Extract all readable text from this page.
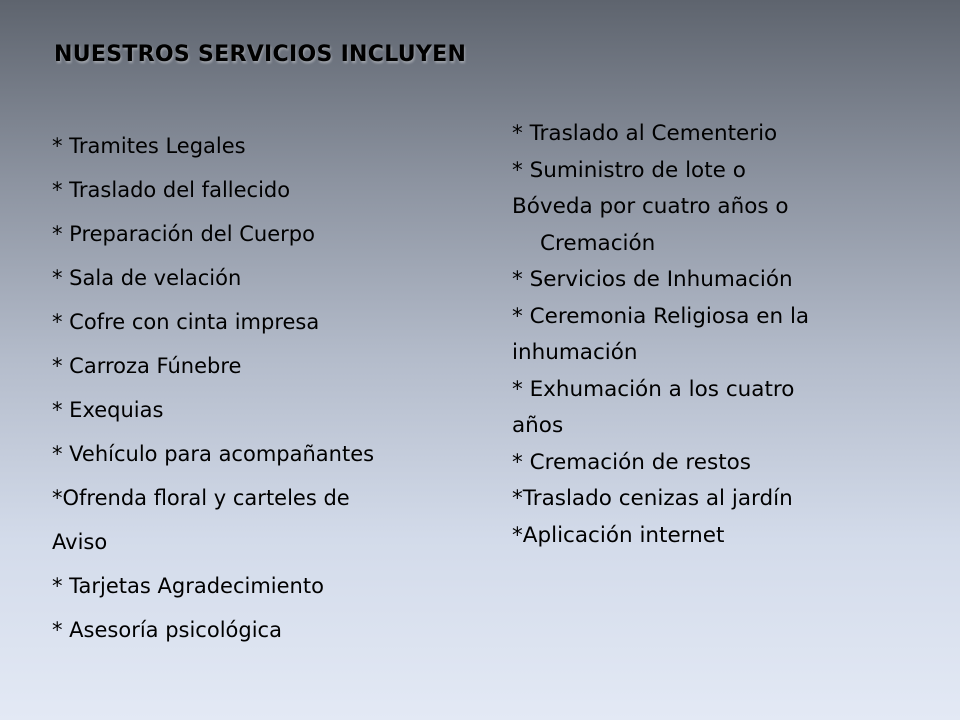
NUESTROS SERVICIOS INCLUYEN
* Tramites Legales
* Traslado del fallecido
* Preparación del Cuerpo
* Sala de velación
* Cofre con cinta impresa
* Carroza Fúnebre
* Exequias
* Vehículo para acompañantes
*Ofrenda floral y carteles de
Aviso
* Tarjetas Agradecimiento
* Asesoría psicológica
* Traslado al Cementerio
* Suministro de lote o
Bóveda por cuatro años o
Cremación
* Servicios de Inhumación
* Ceremonia Religiosa en la
inhumación
* Exhumación a los cuatro
años
* Cremación de restos
*Traslado cenizas al jardín
*Aplicación internet
